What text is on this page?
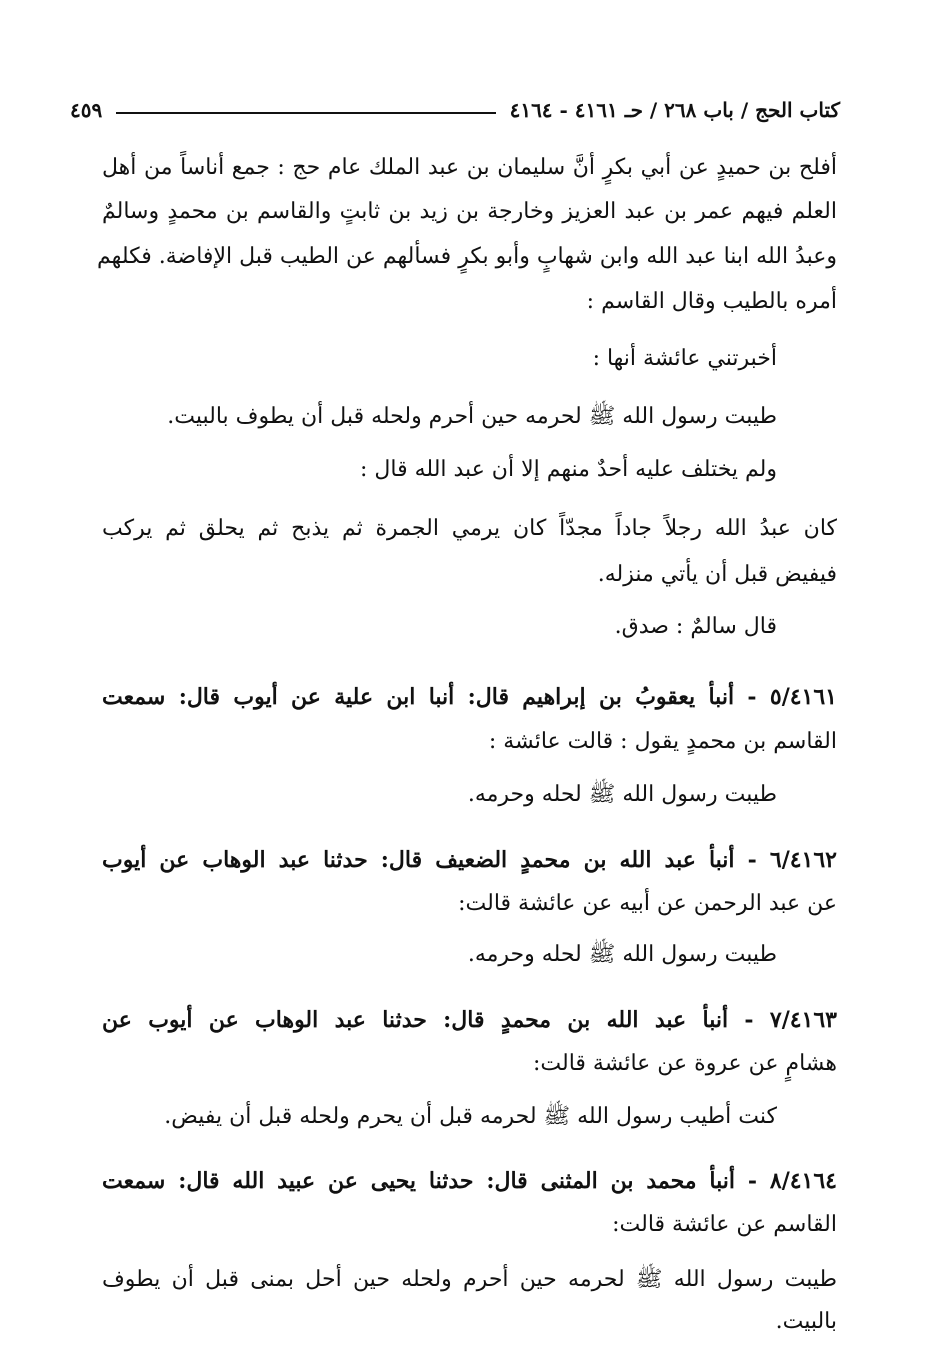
كتاب الحج / باب ٢٦٨ / حـ ٤١٦١ - ٤١٦٤
٤٥٩
أفلح بن حميدٍ عن أبي بكرٍ أنَّ سليمان بن عبد الملك عام حج : جمع أناساً من أهل
العلم فيهم عمر بن عبد العزيز وخارجة بن زيد بن ثابتٍ والقاسم بن محمدٍ وسالمٌ
وعبدُ الله ابنا عبد الله وابن شهابٍ وأبو بكرٍ فسألهم عن الطيب قبل الإفاضة. فكلهم
أمره بالطيب وقال القاسم :
أخبرتني عائشة أنها :
طيبت رسول الله ﷺ لحرمه حين أحرم ولحله قبل أن يطوف بالبيت.
ولم يختلف عليه أحدٌ منهم إلا أن عبد الله قال :
كان عبدُ الله رجلاً جاداً مجدّاً كان يرمي الجمرة ثم يذبح ثم يحلق ثم يركب
فيفيض قبل أن يأتي منزله.
قال سالمٌ : صدق.
٥/٤١٦١ - أنبأ يعقوبُ بن إبراهيم قال: أنبا ابن علية عن أيوب قال: سمعت
القاسم بن محمدٍ يقول : قالت عائشة :
طيبت رسول الله ﷺ لحله وحرمه.
٦/٤١٦٢ - أنبأ عبد الله بن محمدٍ الضعيف قال: حدثنا عبد الوهاب عن أيوب
عن عبد الرحمن عن أبيه عن عائشة قالت:
طيبت رسول الله ﷺ لحله وحرمه.
٧/٤١٦٣ - أنبأ عبد الله بن محمدٍ قال: حدثنا عبد الوهاب عن أيوب عن
هشامٍ عن عروة عن عائشة قالت:
كنت أطيب رسول الله ﷺ لحرمه قبل أن يحرم ولحله قبل أن يفيض.
٨/٤١٦٤ - أنبأ محمد بن المثنى قال: حدثنا يحيى عن عبيد الله قال: سمعت
القاسم عن عائشة قالت:
طيبت رسول الله ﷺ لحرمه حين أحرم ولحله حين أحل بمنى قبل أن يطوف
بالبيت.
